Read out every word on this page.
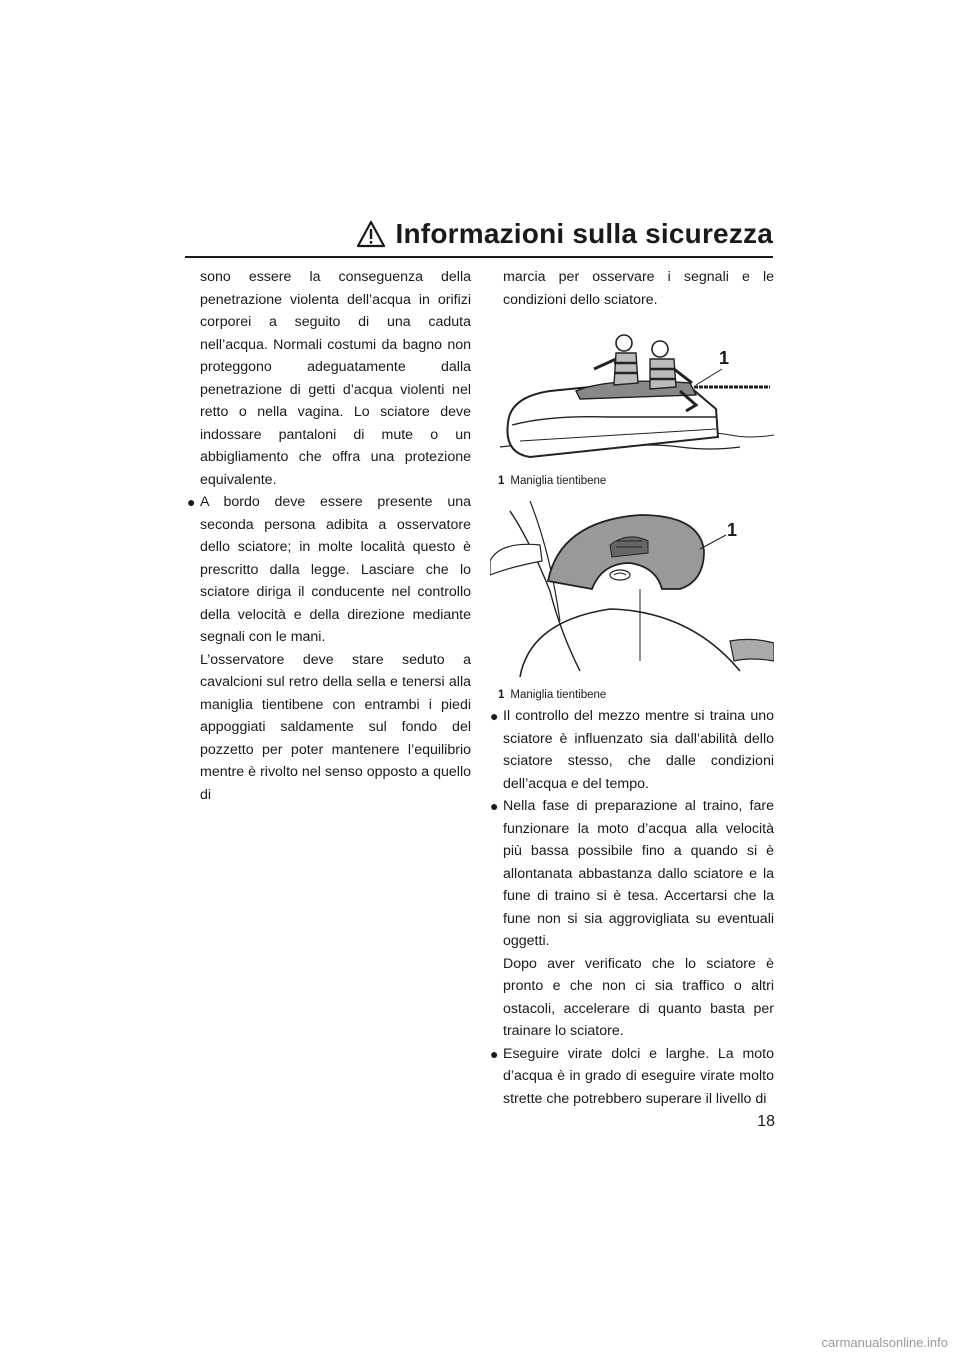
Informazioni sulla sicurezza

sono essere la conseguenza della penetrazione violenta dell’acqua in orifizi corporei a seguito di una caduta nell’acqua. Normali costumi da bagno non proteggono adeguatamente dalla penetrazione di getti d’acqua violenti nel retto o nella vagina. Lo sciatore deve indossare pantaloni di mute o un abbigliamento che offra una protezione equivalente.

● A bordo deve essere presente una seconda persona adibita a osservatore dello sciatore; in molte località questo è prescritto dalla legge. Lasciare che lo sciatore diriga il conducente nel controllo della velocità e della direzione mediante segnali con le mani.

L’osservatore deve stare seduto a cavalcioni sul retro della sella e tenersi alla maniglia tientibene con entrambi i piedi appoggiati saldamente sul fondo del pozzetto per poter mantenere l’equilibrio mentre è rivolto nel senso opposto a quello di

marcia per osservare i segnali e le condizioni dello sciatore.

1
1 Maniglia tientibene
1
1 Maniglia tientibene
● Il controllo del mezzo mentre si traina uno sciatore è influenzato sia dall’abilità dello sciatore stesso, che dalle condizioni dell’acqua e del tempo.

● Nella fase di preparazione al traino, fare funzionare la moto d’acqua alla velocità più bassa possibile fino a quando si è allontanata abbastanza dallo sciatore e la fune di traino si è tesa. Accertarsi che la fune non si sia aggrovigliata su eventuali oggetti.

Dopo aver verificato che lo sciatore è pronto e che non ci sia traffico o altri ostacoli, accelerare di quanto basta per trainare lo sciatore.

● Eseguire virate dolci e larghe. La moto d’acqua è in grado di eseguire virate molto strette che potrebbero superare il livello di

18
carmanualsonline.info
